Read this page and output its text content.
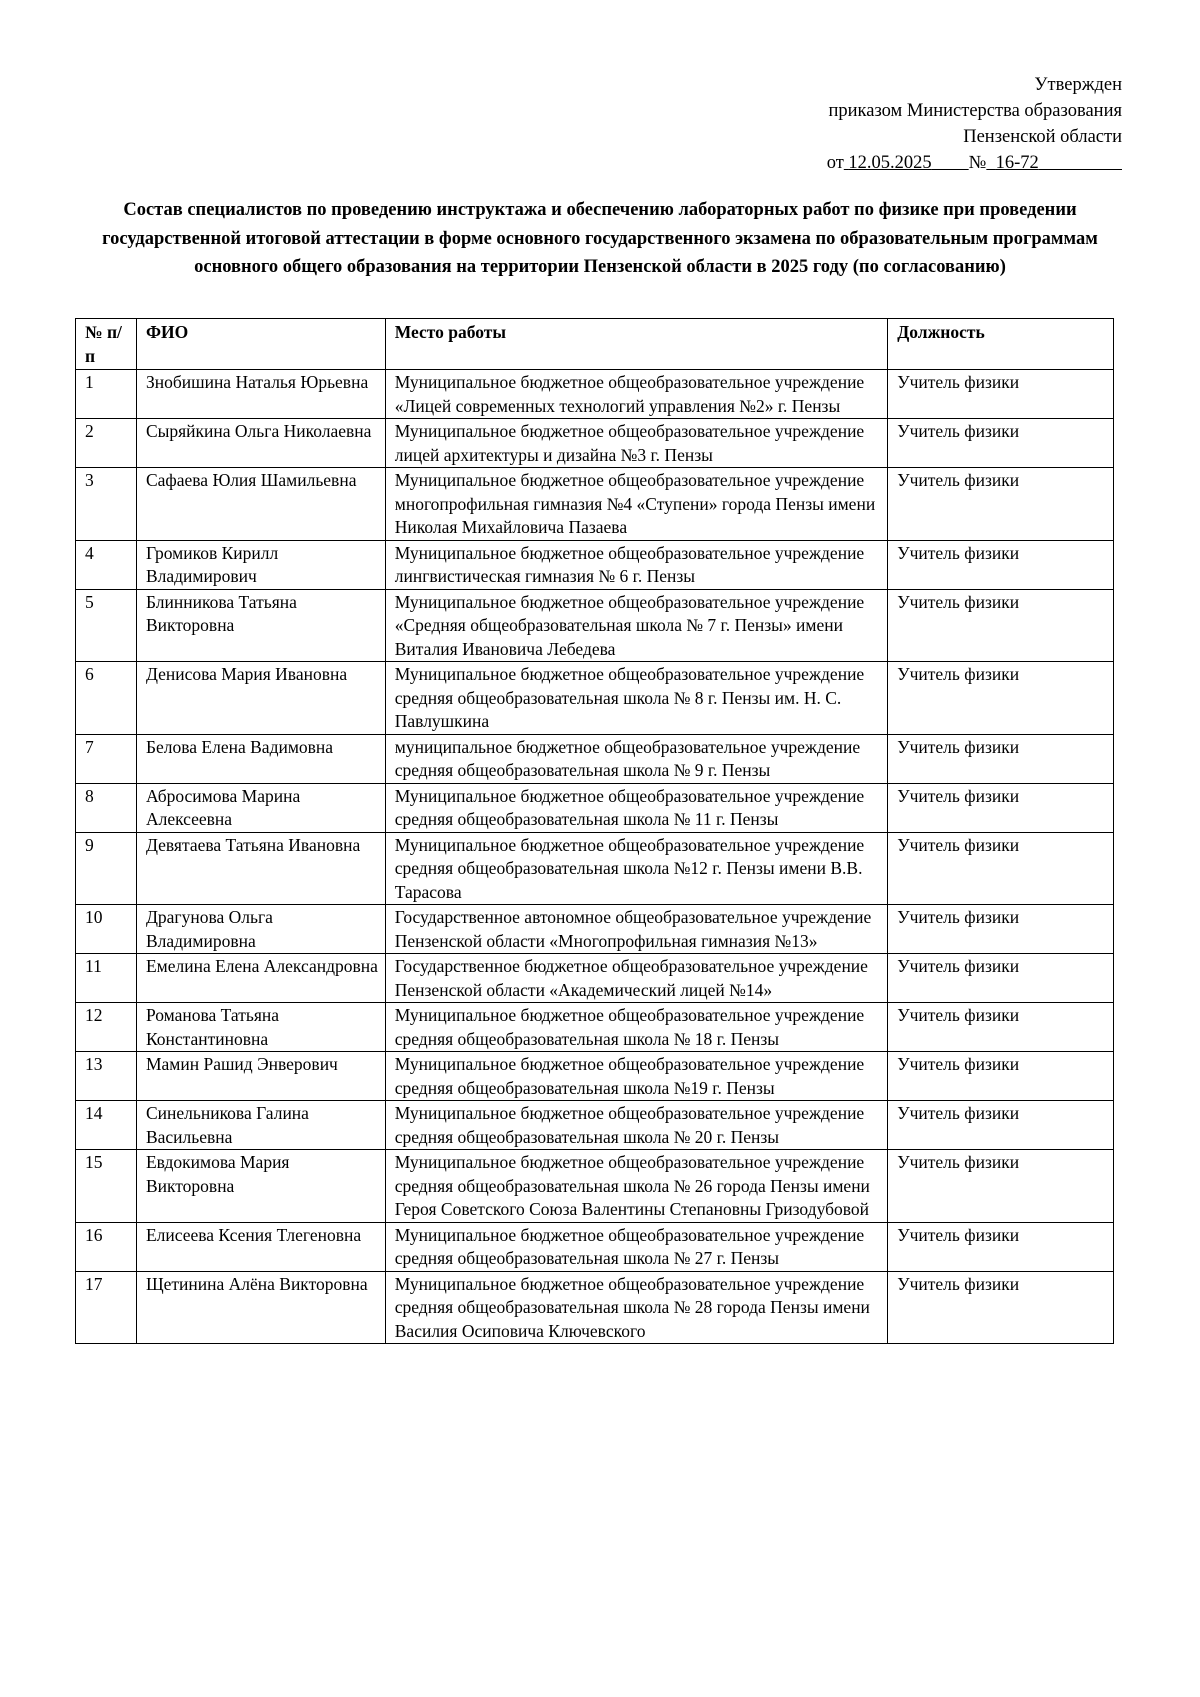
Утвержден
приказом Министерства образования
Пензенской области
от 12.05.2025 № 16-72
Состав специалистов по проведению инструктажа и обеспечению лабораторных работ по физике при проведении государственной итоговой аттестации в форме основного государственного экзамена по образовательным программам основного общего образования на территории Пензенской области в 2025 году (по согласованию)
№ п/п	ФИО	Место работы	Должность
1	Знобишина Наталья Юрьевна	Муниципальное бюджетное общеобразовательное учреждение «Лицей современных технологий управления №2» г. Пензы	Учитель физики
2	Сыряйкина Ольга Николаевна	Муниципальное бюджетное общеобразовательное учреждение лицей архитектуры и дизайна №3 г. Пензы	Учитель физики
3	Сафаева Юлия Шамильевна	Муниципальное бюджетное общеобразовательное учреждение многопрофильная гимназия №4 «Ступени» города Пензы имени Николая Михайловича Пазаева	Учитель физики
4	Громиков Кирилл Владимирович	Муниципальное бюджетное общеобразовательное учреждение лингвистическая гимназия № 6 г. Пензы	Учитель физики
5	Блинникова Татьяна Викторовна	Муниципальное бюджетное общеобразовательное учреждение «Средняя общеобразовательная школа № 7 г. Пензы» имени Виталия Ивановича Лебедева	Учитель физики
6	Денисова Мария Ивановна	Муниципальное бюджетное общеобразовательное учреждение средняя общеобразовательная школа № 8 г. Пензы им. Н. С. Павлушкина	Учитель физики
7	Белова Елена Вадимовна	муниципальное бюджетное общеобразовательное учреждение средняя общеобразовательная школа № 9 г. Пензы	Учитель физики
8	Абросимова Марина Алексеевна	Муниципальное бюджетное общеобразовательное учреждение средняя общеобразовательная школа № 11 г. Пензы	Учитель физики
9	Девятаева Татьяна Ивановна	Муниципальное бюджетное общеобразовательное учреждение средняя общеобразовательная школа №12 г. Пензы имени В.В. Тарасова	Учитель физики
10	Драгунова Ольга Владимировна	Государственное автономное общеобразовательное учреждение Пензенской области «Многопрофильная гимназия №13»	Учитель физики
11	Емелина Елена Александровна	Государственное бюджетное общеобразовательное учреждение Пензенской области «Академический лицей №14»	Учитель физики
12	Романова Татьяна Константиновна	Муниципальное бюджетное общеобразовательное учреждение средняя общеобразовательная школа № 18 г. Пензы	Учитель физики
13	Мамин Рашид Энверович	Муниципальное бюджетное общеобразовательное учреждение средняя общеобразовательная школа №19 г. Пензы	Учитель физики
14	Синельникова Галина Васильевна	Муниципальное бюджетное общеобразовательное учреждение средняя общеобразовательная школа № 20 г. Пензы	Учитель физики
15	Евдокимова Мария Викторовна	Муниципальное бюджетное общеобразовательное учреждение средняя общеобразовательная школа № 26 города Пензы имени Героя Советского Союза Валентины Степановны Гризодубовой	Учитель физики
16	Елисеева Ксения Тлегеновна	Муниципальное бюджетное общеобразовательное учреждение средняя общеобразовательная школа № 27 г. Пензы	Учитель физики
17	Щетинина Алёна Викторовна	Муниципальное бюджетное общеобразовательное учреждение средняя общеобразовательная школа № 28 города Пензы имени Василия Осиповича Ключевского	Учитель физики
